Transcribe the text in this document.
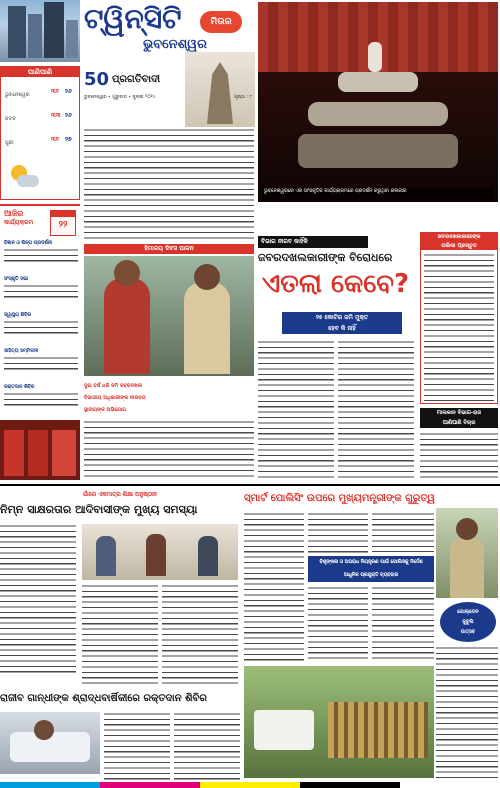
ଟ୍ୱିନ୍‌ସିଟି	ମିଉର
ଭୁବନେଶ୍ୱର
ପାଣିପାଣି
ଭୁବନେଶ୍ୱର	୩୨ ୨୬
କଟକ	୩୩ ୨୬
ପୁରୀ	୩୧ ୨୭
50 ପ୍ରଗତିବାଦୀ
ଭୁବନେଶ୍ୱର • ଗୁରୁବାର • ଜୁଲାଇ ୨୦୨୪	ପୃଷ୍ଠା : ୮
ଆଜିର
କାର୍ଯ୍ୟକ୍ରମ	୨୨
ବିଜ୍ଞାନ ଓ ଶିଳ୍ପ ପ୍ରଦର୍ଶନୀ
ସଂସ୍କୃତି ସଭା
ସ୍ୱାସ୍ଥ୍ୟ ଶିବିର
ସାହିତ୍ୟ ସମ୍ମିଳନୀ
ରକ୍ତଦାନ ଶିବିର
ଭୁବନେଶ୍ୱରରେ ଏକ ସାଂସ୍କୃତିକ କାର୍ଯ୍ୟକ୍ରମରେ ପ୍ରଦର୍ଶନ କରୁଥିବା କଳାକାର
ହିମାଳୟ ଦିବସ ପାଳନ
ଦୁଇ ବର୍ଷ ଧରି ଜମି ଜବରଦଖଲ
ବିଭାଗୀୟ ଅଧିକାରୀଙ୍କ ନୀରବତା
ସ୍ଥାନୀୟଙ୍କ ଅଭିଯୋଗ
ବିଭାଗ ନୀରବ କାହିଁକି
ଜବରଦଖଲକାରୀଙ୍କ ବିରୋଧରେ
ଏତଲା କେବେ?
୨୫ କୋଟିର ଜମି ମୁକ୍ତ
ହେବ କି ନାହିଁ
ଜବରଦଖଲକାରୀଙ୍କ
ତାଲିକା ପ୍ରସ୍ତୁତ
ମାଲକାନ ବିଭାଗ-ରାଜ
ପାଣିପାଣି ବିଚାର
ଗାଁରେ ଏକମାତ୍ର ଶିକ୍ଷା ଅନୁଷ୍ଠାନ
ନିମ୍ନ ସାକ୍ଷରତାର ଆଦିବାସୀଙ୍କ ମୁଖ୍ୟ ସମସ୍ୟା
ରାଜୀବ ଗାନ୍ଧୀଙ୍କ ଶ୍ରାଦ୍ଧବାର୍ଷିକୀରେ ରକ୍ତଦାନ ଶିବିର
ସ୍ମାର୍ଟ ପୋଲିସିଂ ଉପରେ ମୁଖ୍ୟମନ୍ତ୍ରୀଙ୍କ ଗୁରୁତ୍ୱ
ବିଶୃଙ୍ଖଳା ଓ ଅପରାଧ ନିୟନ୍ତ୍ରଣ ପାଇଁ ପୋଲିସକୁ ନିର୍ଦ୍ଦେଶ
ଆଧୁନିକ ପ୍ରଯୁକ୍ତି ବ୍ୟବହାର
ଗୋଲ୍ଡେନ
ଜୁବୁଲି
ଉତ୍ସବ
